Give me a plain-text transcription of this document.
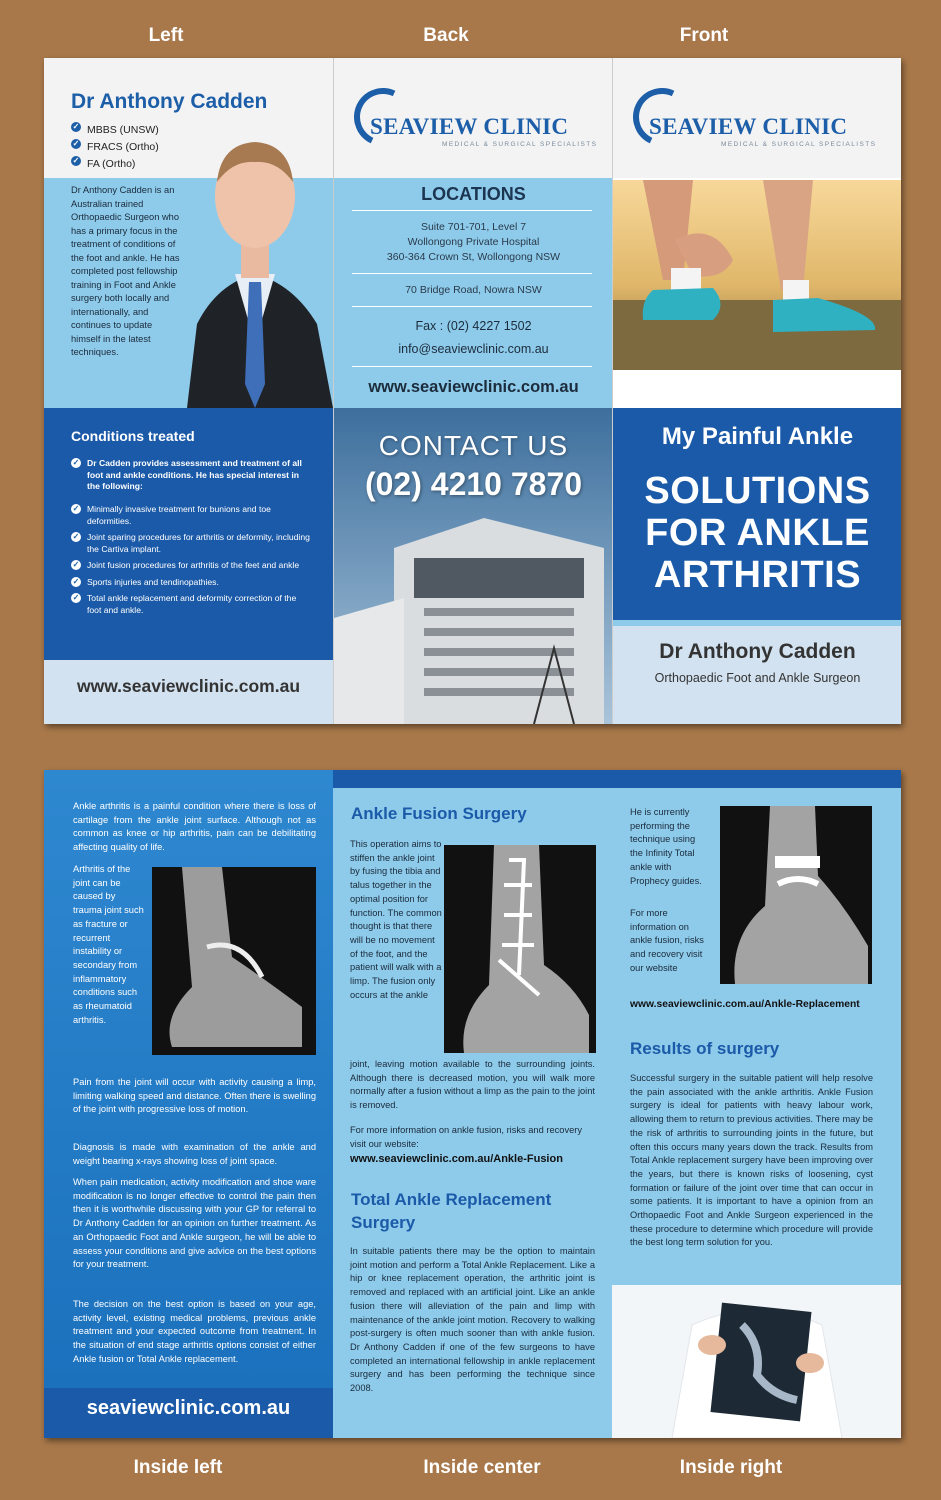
Left	Back	Front
Inside left	Inside center	Inside right
Dr Anthony Cadden
✓ MBBS (UNSW)
✓ FRACS (Ortho)
✓ FA (Ortho)
Dr Anthony Cadden is an Australian trained Orthopaedic Surgeon who has a primary focus in the treatment of conditions of the foot and ankle. He has completed post fellowship training in Foot and Ankle surgery both locally and internationally, and continues to update himself in the latest techniques.
Conditions treated
✓ Dr Cadden provides assessment and treatment of all foot and ankle conditions. He has special interest in the following:
✓ Minimally invasive treatment for bunions and toe deformities.
✓ Joint sparing procedures for arthritis or deformity, including the Cartiva implant.
✓ Joint fusion procedures for arthritis of the feet and ankle
✓ Sports injuries and tendinopathies.
✓ Total ankle replacement and deformity correction of the foot and ankle.
www.seaviewclinic.com.au
SEAVIEW CLINIC
MEDICAL & SURGICAL SPECIALISTS
LOCATIONS
Suite 701-701, Level 7
Wollongong Private Hospital
360-364 Crown St, Wollongong NSW
70 Bridge Road, Nowra NSW
Fax : (02) 4227 1502
info@seaviewclinic.com.au
www.seaviewclinic.com.au
CONTACT US
(02) 4210 7870
SEAVIEW CLINIC
MEDICAL & SURGICAL SPECIALISTS
My Painful Ankle
SOLUTIONS
FOR ANKLE
ARTHRITIS
Dr Anthony Cadden
Orthopaedic Foot and Ankle Surgeon
Ankle arthritis is a painful condition where there is loss of cartilage from the ankle joint surface. Although not as common as knee or hip arthritis, pain can be debilitating affecting quality of life.
Arthritis of the joint can be caused by trauma joint such as fracture or recurrent instability or secondary from inflammatory conditions such as rheumatoid arthritis.
Pain from the joint will occur with activity causing a limp, limiting walking speed and distance. Often there is swelling of the joint with progressive loss of motion.
Diagnosis is made with examination of the ankle and weight bearing x-rays showing loss of joint space.
When pain medication, activity modification and shoe ware modification is no longer effective to control the pain then then it is worthwhile discussing with your GP for referral to Dr Anthony Cadden for an opinion on further treatment. As an Orthopaedic Foot and Ankle surgeon, he will be able to assess your conditions and give advice on the best options for your treatment.
The decision on the best option is based on your age, activity level, existing medical problems, previous ankle treatment and your expected outcome from treatment. In the situation of end stage arthritis options consist of either Ankle fusion or Total Ankle replacement.
seaviewclinic.com.au
Ankle Fusion Surgery
This operation aims to stiffen the ankle joint by fusing the tibia and talus together in the optimal position for function. The common thought is that there will be no movement of the foot, and the patient will walk with a limp. The fusion only occurs at the ankle
joint, leaving motion available to the surrounding joints. Although there is decreased motion, you will walk more normally after a fusion without a limp as the pain to the joint is removed.
For more information on ankle fusion, risks and recovery visit our website:
www.seaviewclinic.com.au/Ankle-Fusion
Total Ankle Replacement Surgery
In suitable patients there may be the option to maintain joint motion and perform a Total Ankle Replacement. Like a hip or knee replacement operation, the arthritic joint is removed and replaced with an artificial joint. Like an ankle fusion there will alleviation of the pain and limp with maintenance of the ankle joint motion. Recovery to walking post-surgery is often much sooner than with ankle fusion. Dr Anthony Cadden if one of the few surgeons to have completed an international fellowship in ankle replacement surgery and has been performing the technique since 2008.
He is currently performing the technique using the Infinity Total ankle with Prophecy guides.
For more information on ankle fusion, risks and recovery visit our website
www.seaviewclinic.com.au/Ankle-Replacement
Results of surgery
Successful surgery in the suitable patient will help resolve the pain associated with the ankle arthritis. Ankle Fusion surgery is ideal for patients with heavy labour work, allowing them to return to previous activities. There may be the risk of arthritis to surrounding joints in the future, but often this occurs many years down the track. Results from Total Ankle replacement surgery have been improving over the years, but there is known risks of loosening, cyst formation or failure of the joint over time that can occur in some patients. It is important to have a opinion from an Orthopaedic Foot and Ankle Surgeon experienced in the these procedure to determine which procedure will provide the best long term solution for you.
